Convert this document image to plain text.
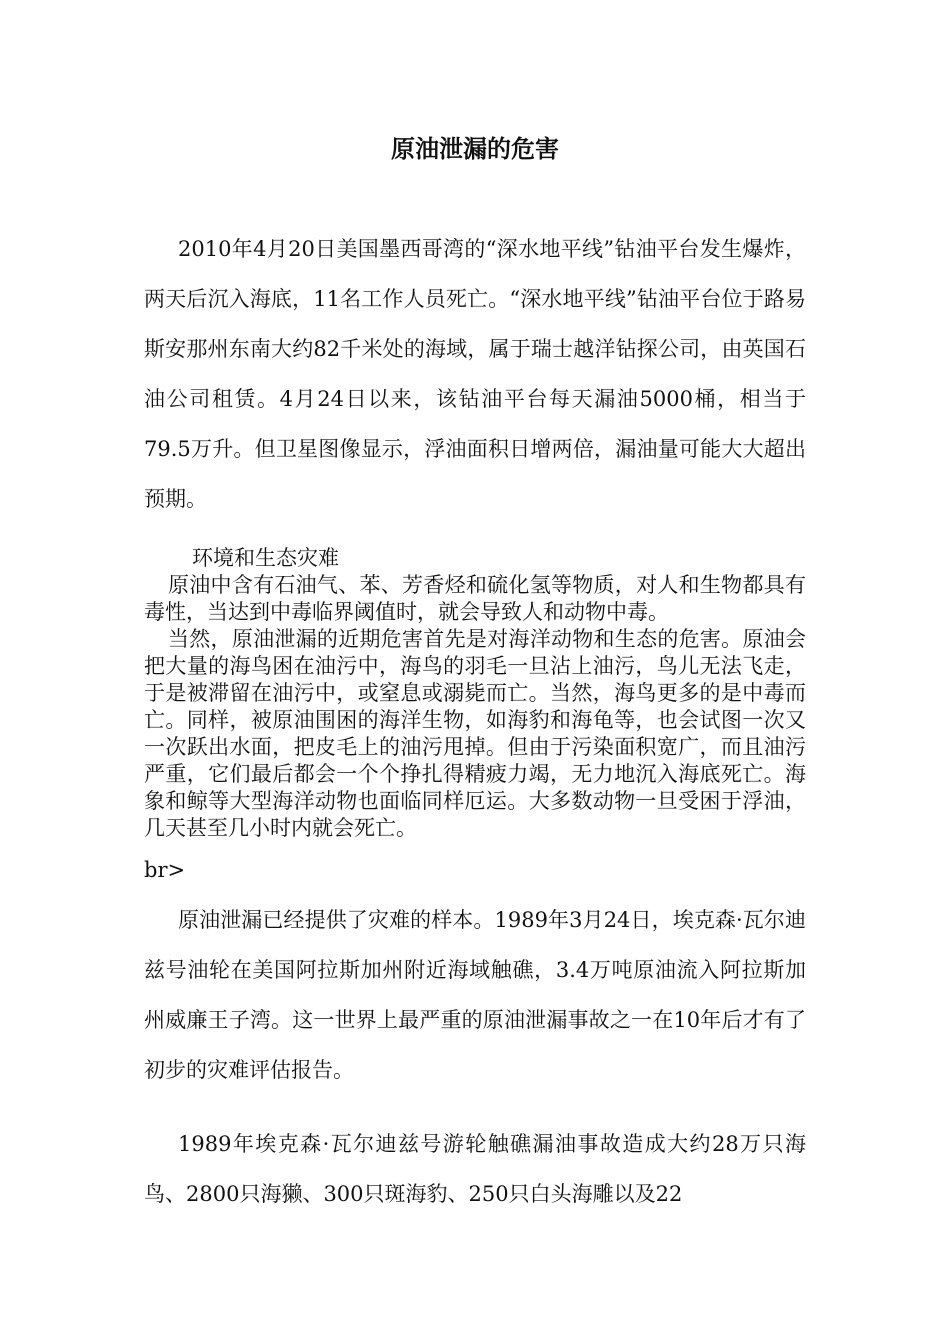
原油泄漏的危害

2010年4月20日美国墨西哥湾的“深水地平线”钻油平台发生爆炸，两天后沉入海底，11名工作人员死亡。“深水地平线”钻油平台位于路易斯安那州东南大约82千米处的海域，属于瑞士越洋钻探公司，由英国石油公司租赁。4月24日以来，该钻油平台每天漏油5000桶，相当于79.5万升。但卫星图像显示，浮油面积日增两倍，漏油量可能大大超出预期。

环境和生态灾难

原油中含有石油气、苯、芳香烃和硫化氢等物质，对人和生物都具有毒性，当达到中毒临界阈值时，就会导致人和动物中毒。

当然，原油泄漏的近期危害首先是对海洋动物和生态的危害。原油会把大量的海鸟困在油污中，海鸟的羽毛一旦沾上油污，鸟儿无法飞走，于是被滞留在油污中，或窒息或溺毙而亡。当然，海鸟更多的是中毒而亡。同样，被原油围困的海洋生物，如海豹和海龟等，也会试图一次又一次跃出水面，把皮毛上的油污甩掉。但由于污染面积宽广，而且油污严重，它们最后都会一个个挣扎得精疲力竭，无力地沉入海底死亡。海象和鲸等大型海洋动物也面临同样厄运。大多数动物一旦受困于浮油，几天甚至几小时内就会死亡。

br>

原油泄漏已经提供了灾难的样本。1989年3月24日，埃克森·瓦尔迪兹号油轮在美国阿拉斯加州附近海域触礁，3.4万吨原油流入阿拉斯加州威廉王子湾。这一世界上最严重的原油泄漏事故之一在10年后才有了初步的灾难评估报告。

1989年埃克森·瓦尔迪兹号游轮触礁漏油事故造成大约28万只海鸟、2800只海獭、300只斑海豹、250只白头海雕以及22
